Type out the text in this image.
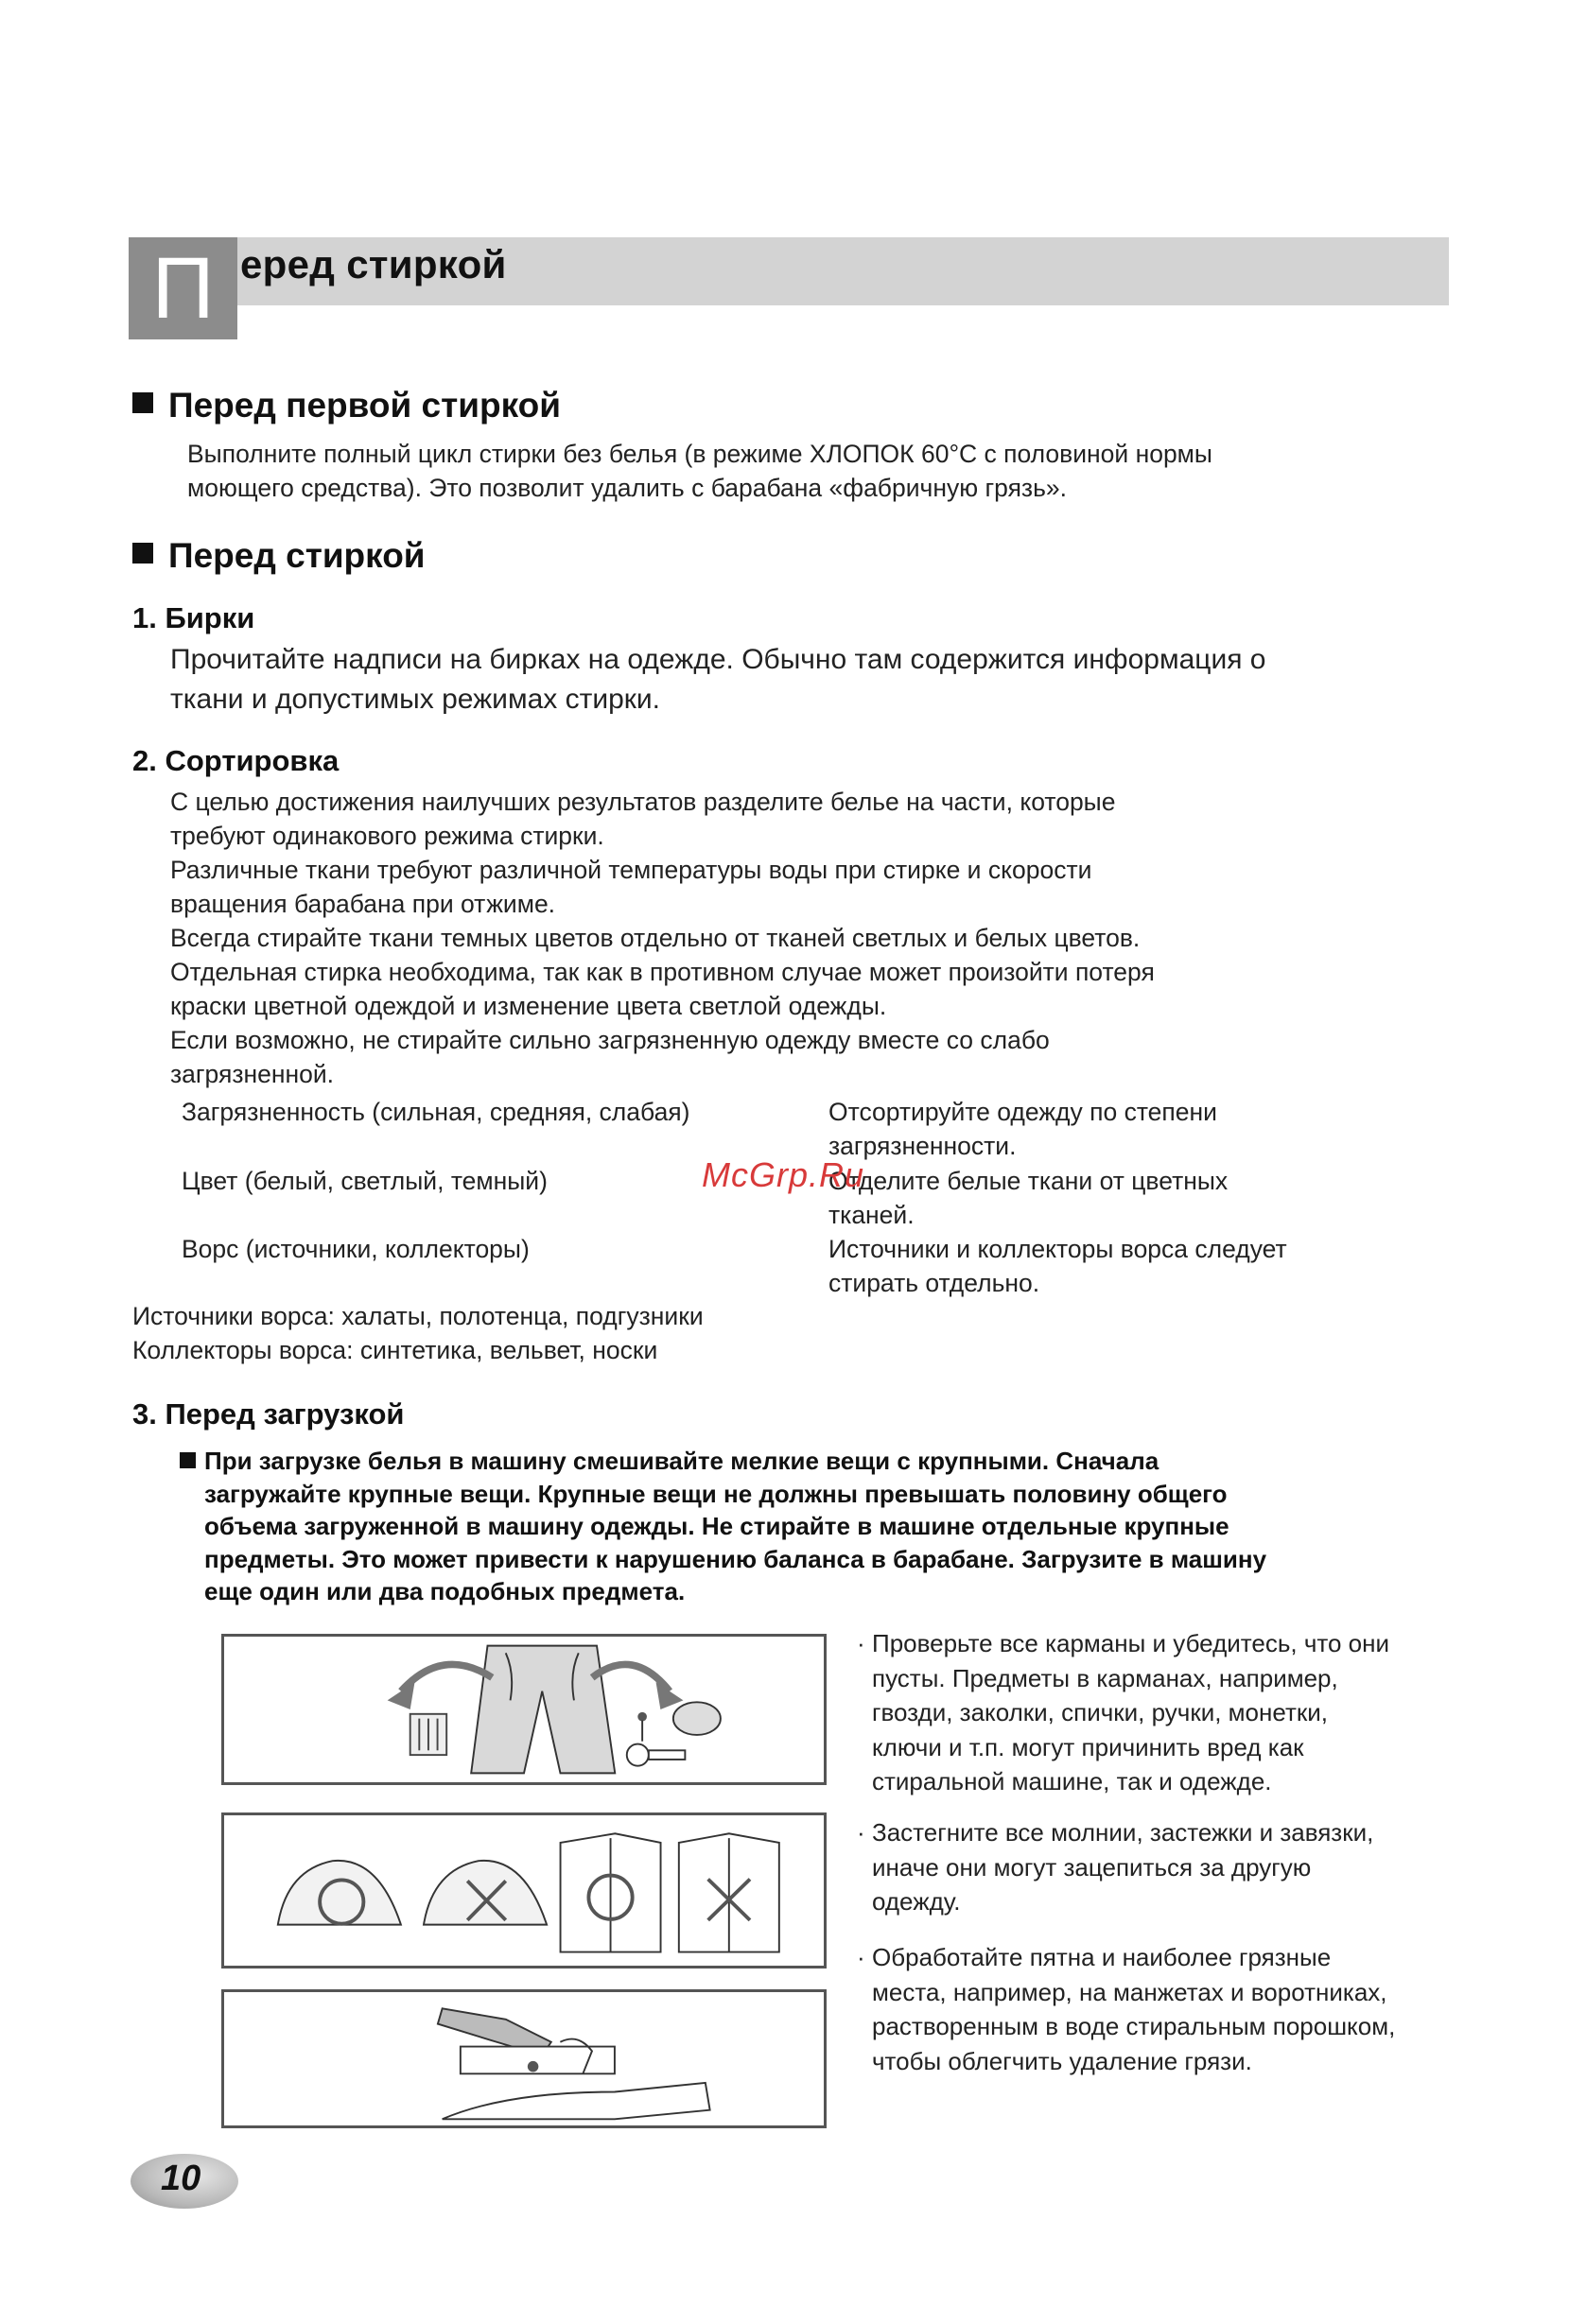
П еред стиркой
Перед первой стиркой
Выполните полный цикл стирки без белья (в режиме ХЛОПОК 60°C с половиной нормы
моющего средства). Это позволит удалить с барабана «фабричную грязь».
Перед стиркой
1. Бирки
Прочитайте надписи на бирках на одежде. Обычно там содержится информация о
ткани и допустимых режимах стирки.
2. Сортировка
С целью достижения наилучших результатов разделите белье на части, которые
требуют одинакового режима стирки.
Различные ткани требуют различной температуры воды при стирке и скорости
вращения барабана при отжиме.
Всегда стирайте ткани темных цветов отдельно от тканей светлых и белых цветов.
Отдельная стирка необходима, так как в противном случае может произойти потеря
краски цветной одеждой и изменение цвета светлой одежды.
Если возможно, не стирайте сильно загрязненную одежду вместе со слабо
загрязненной.
Загрязненность (сильная, средняя, слабая)	Отсортируйте одежду по степени
загрязненности.
Цвет (белый, светлый, темный)	Отделите белые ткани от цветных
тканей.
Ворс (источники, коллекторы)	Источники и коллекторы ворса следует
стирать отдельно.
Источники ворса: халаты, полотенца, подгузники
Коллекторы ворса: синтетика, вельвет, носки
McGrp.Ru
3. Перед загрузкой
При загрузке белья в машину смешивайте мелкие вещи с крупными. Сначала
загружайте крупные вещи. Крупные вещи не должны превышать половину общего
объема загруженной в машину одежды. Не стирайте в машине отдельные крупные
предметы. Это может привести к нарушению баланса в барабане. Загрузите в машину
еще один или два подобных предмета.
· Проверьте все карманы и убедитесь, что они
пусты. Предметы в карманах, например,
гвозди, заколки, спички, ручки, монетки,
ключи и т.п. могут причинить вред как
стиральной машине, так и одежде.
· Застегните все молнии, застежки и завязки,
иначе они могут зацепиться за другую
одежду.
· Обработайте пятна и наиболее грязные
места, например, на манжетах и воротниках,
растворенным в воде стиральным порошком,
чтобы облегчить удаление грязи.
10
